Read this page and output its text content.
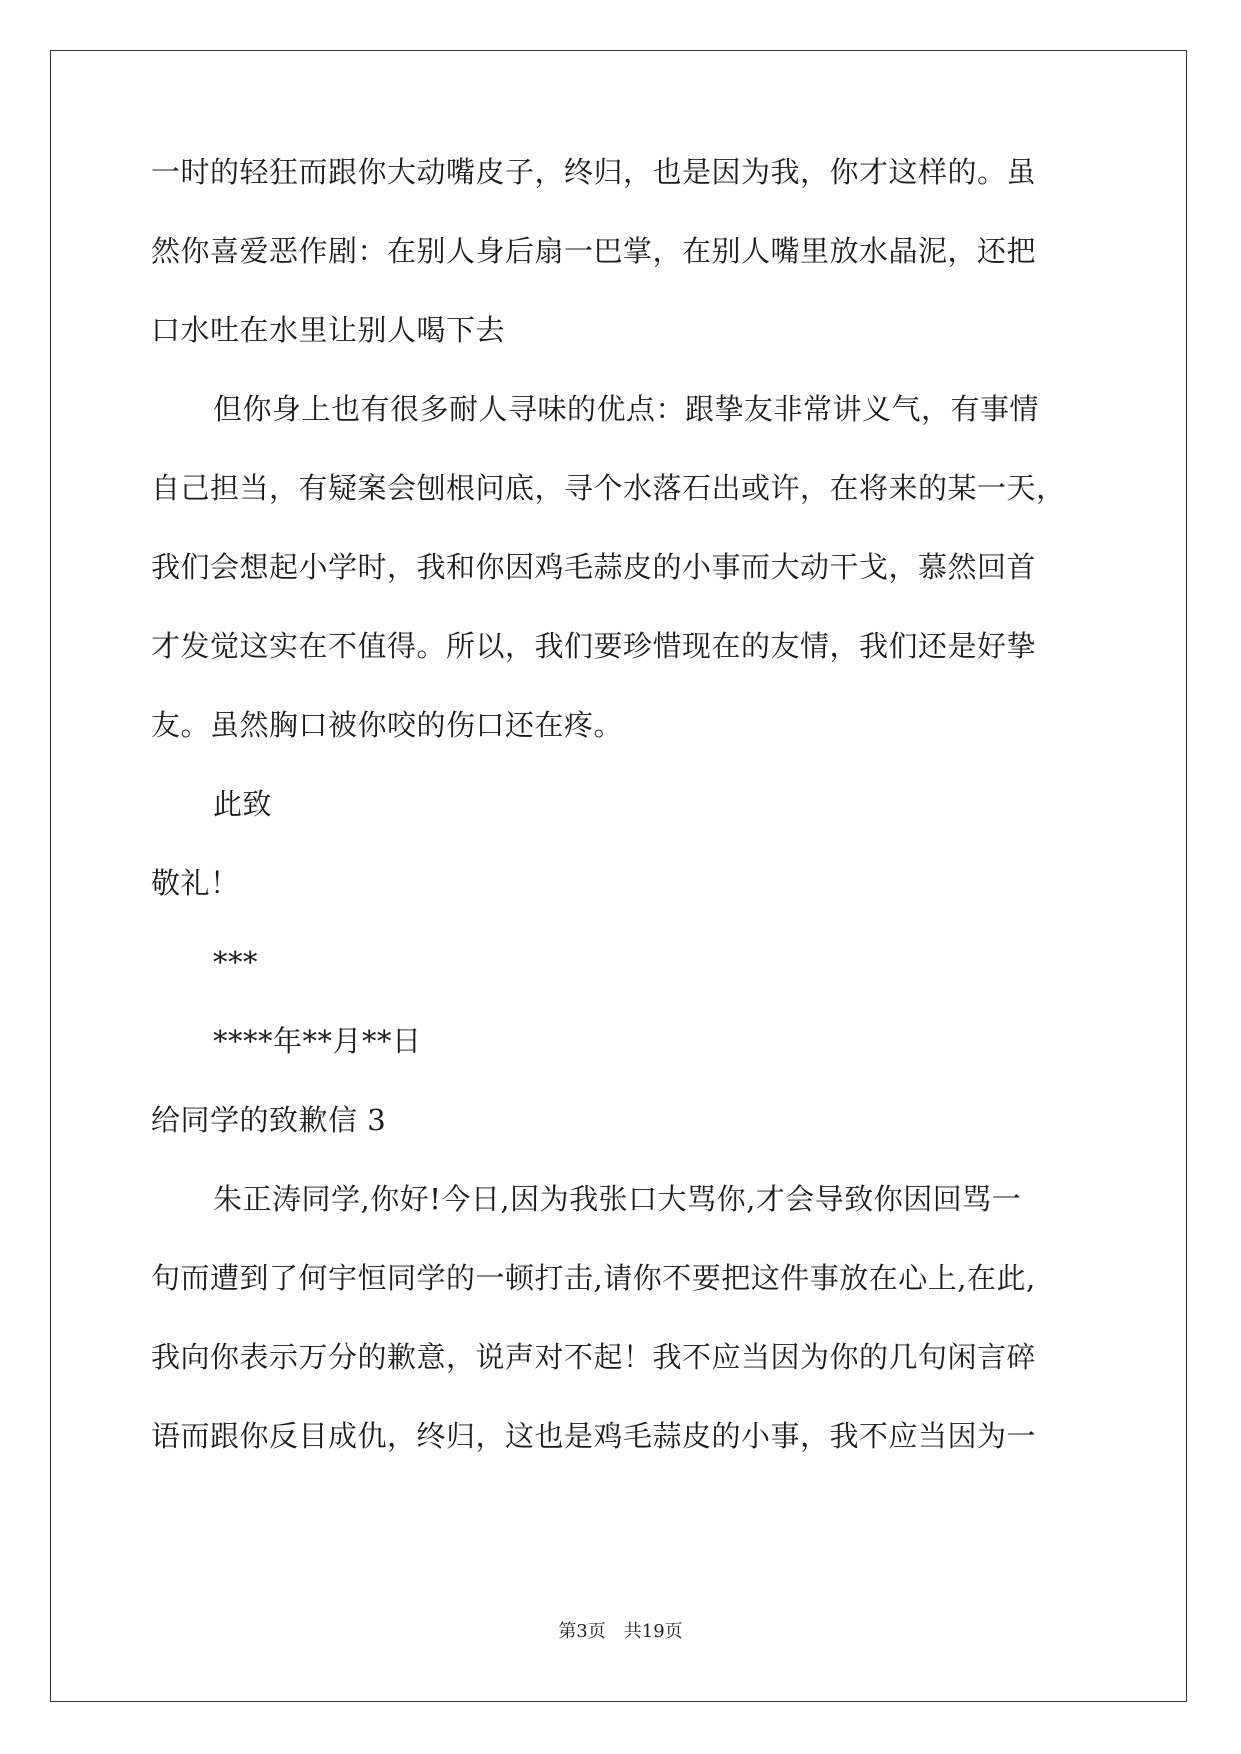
一时的轻狂而跟你大动嘴皮子，终归，也是因为我，你才这样的。虽
然你喜爱恶作剧：在别人身后扇一巴掌，在别人嘴里放水晶泥，还把
口水吐在水里让别人喝下去
但你身上也有很多耐人寻味的优点：跟挚友非常讲义气，有事情
自己担当，有疑案会刨根问底，寻个水落石出或许，在将来的某一天，
我们会想起小学时，我和你因鸡毛蒜皮的小事而大动干戈，慕然回首
才发觉这实在不值得。所以，我们要珍惜现在的友情，我们还是好挚
友。虽然胸口被你咬的伤口还在疼。
此致
敬礼！
***
****年**月**日
给同学的致歉信 3
朱正涛同学,你好!今日,因为我张口大骂你,才会导致你因回骂一
句而遭到了何宇恒同学的一顿打击,请你不要把这件事放在心上,在此,
我向你表示万分的歉意，说声对不起！我不应当因为你的几句闲言碎
语而跟你反目成仇，终归，这也是鸡毛蒜皮的小事，我不应当因为一
第3页　共19页
